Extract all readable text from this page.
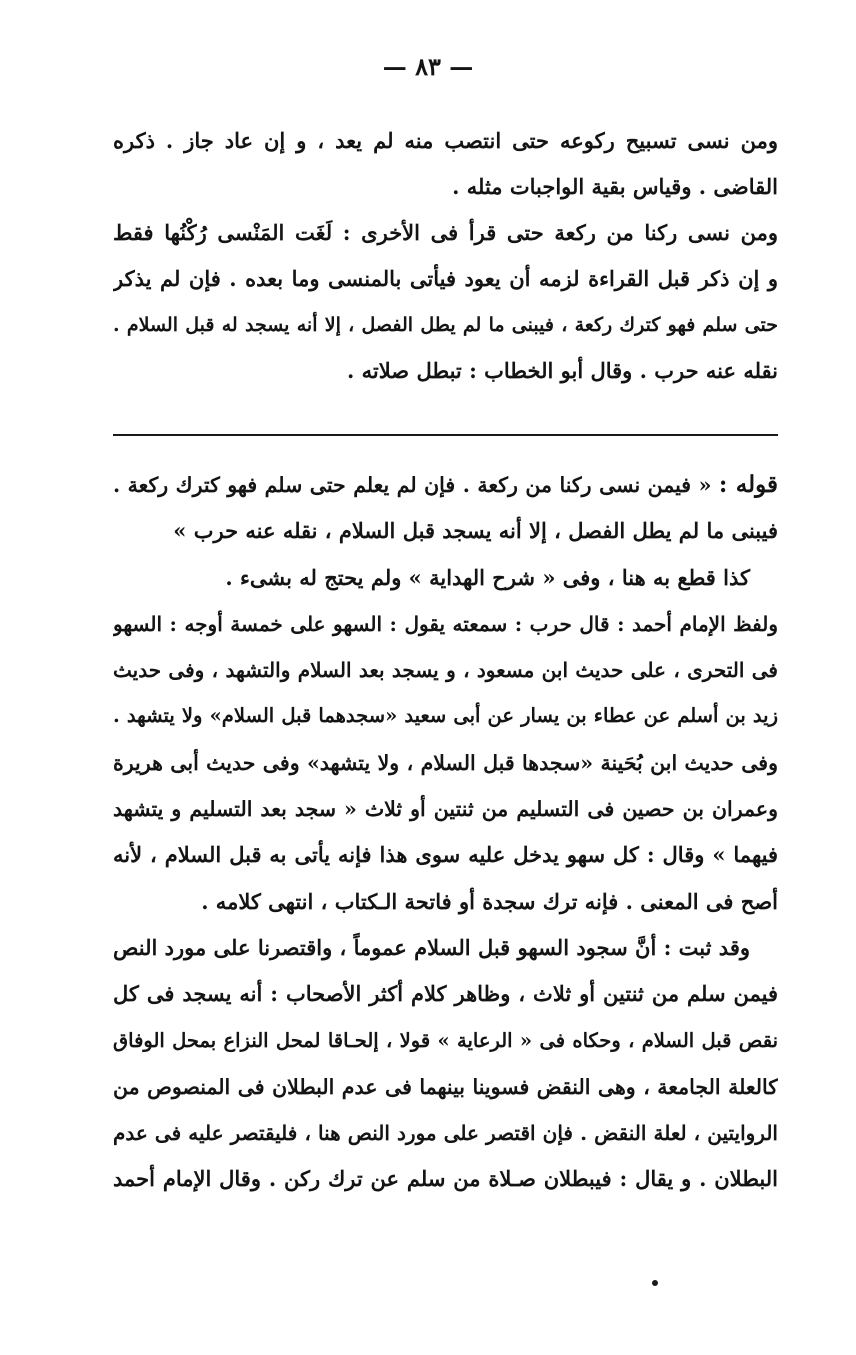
— ٨٣ —
ومن نسى تسبيح ركوعه حتى انتصب منه لم يعد ، و إن عاد جاز . ذكره
القاضى . وقياس بقية الواجبات مثله .
ومن نسى ركنا من ركعة حتى قرأ فى الأخرى : لَغَت المَنْسى رُكْنُها فقط
و إن ذكر قبل القراءة لزمه أن يعود فيأتى بالمنسى وما بعده . فإن لم يذكر
حتى سلم فهو كترك ركعة ، فيبنى ما لم يطل الفصل ، إلا أنه يسجد له قبل السلام .
نقله عنه حرب . وقال أبو الخطاب : تبطل صلاته .
قوله : « فيمن نسى ركنا من ركعة . فإن لم يعلم حتى سلم فهو كترك ركعة .
فيبنى ما لم يطل الفصل ، إلا أنه يسجد قبل السلام ، نقله عنه حرب »
كذا قطع به هنا ، وفى « شرح الهداية » ولم يحتج له بشىء .
ولفظ الإمام أحمد : قال حرب : سمعته يقول : السهو على خمسة أوجه : السهو
فى التحرى ، على حديث ابن مسعود ، و يسجد بعد السلام والتشهد ، وفى حديث
زيد بن أسلم عن عطاء بن يسار عن أبى سعيد «سجدهما قبل السلام» ولا يتشهد .
وفى حديث ابن بُحَينة «سجدها قبل السلام ، ولا يتشهد» وفى حديث أبى هريرة
وعمران بن حصين فى التسليم من ثنتين أو ثلاث « سجد بعد التسليم و يتشهد
فيهما » وقال : كل سهو يدخل عليه سوى هذا فإنه يأتى به قبل السلام ، لأنه
أصح فى المعنى . فإنه ترك سجدة أو فاتحة الـكتاب ، انتهى كلامه .
وقد ثبت : أنَّ سجود السهو قبل السلام عموماً ، واقتصرنا على مورد النص
فيمن سلم من ثنتين أو ثلاث ، وظاهر كلام أكثر الأصحاب : أنه يسجد فى كل
نقص قبل السلام ، وحكاه فى « الرعاية » قولا ، إلحـاقا لمحل النزاع بمحل الوفاق
كالعلة الجامعة ، وهى النقض فسوينا بينهما فى عدم البطلان فى المنصوص من
الروايتين ، لعلة النقض . فإن اقتصر على مورد النص هنا ، فليقتصر عليه فى عدم
البطلان . و يقال : فيبطلان صـلاة من سلم عن ترك ركن . وقال الإمام أحمد
